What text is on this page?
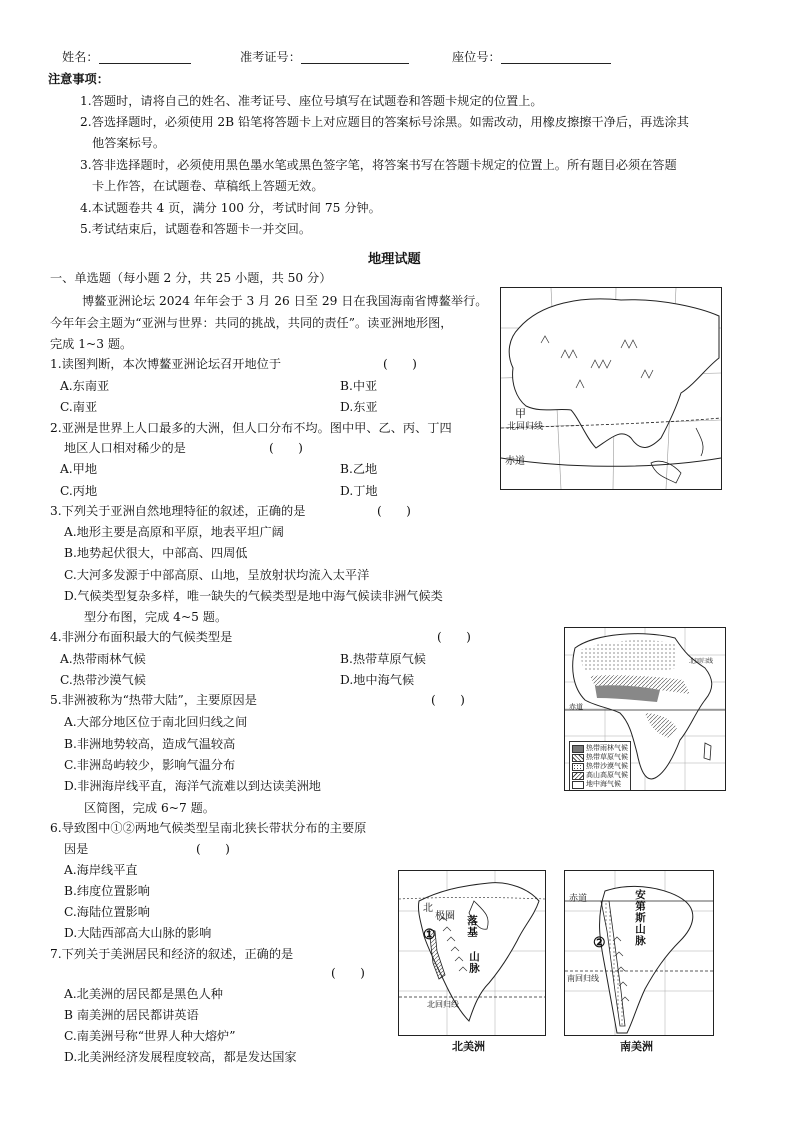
姓名：	准考证号：	座位号：
注意事项：
1.答题时，请将自己的姓名、准考证号、座位号填写在试题卷和答题卡规定的位置上。
2.答选择题时，必须使用 2B 铅笔将答题卡上对应题目的答案标号涂黑。如需改动，用橡皮擦擦干净后，再选涂其
他答案标号。
3.答非选择题时，必须使用黑色墨水笔或黑色签字笔，将答案书写在答题卡规定的位置上。所有题目必须在答题
卡上作答，在试题卷、草稿纸上答题无效。
4.本试题卷共 4 页，满分 100 分，考试时间 75 分钟。
5.考试结束后，试题卷和答题卡一并交回。
地理试题
一、单选题（每小题 2 分，共 25 小题，共 50 分）
博鳌亚洲论坛 2024 年年会于 3 月 26 日至 29 日在我国海南省博鳌举行。
今年年会主题为“亚洲与世界：共同的挑战，共同的责任”。读亚洲地形图，
完成 1~3 题。
1.读图判断，本次博鳌亚洲论坛召开地位于	(　　)
A.东南亚	B.中亚
C.南亚	D.东亚
2.亚洲是世界上人口最多的大洲，但人口分布不均。图中甲、乙、丙、丁四
地区人口相对稀少的是	(　　)
A.甲地	B.乙地
C.丙地	D.丁地
3.下列关于亚洲自然地理特征的叙述，正确的是	(　　)
A.地形主要是高原和平原，地表平坦广阔
B.地势起伏很大，中部高、四周低
C.大河多发源于中部高原、山地，呈放射状均流入太平洋
D.气候类型复杂多样，唯一缺失的气候类型是地中海气候读非洲气候类
型分布图，完成 4~5 题。
4.非洲分布面积最大的气候类型是	(　　)
A.热带雨林气候	B.热带草原气候
C.热带沙漠气候	D.地中海气候
5.非洲被称为“热带大陆”，主要原因是	(　　)
A.大部分地区位于南北回归线之间
B.非洲地势较高，造成气温较高
C.非洲岛屿较少，影响气温分布
D.非洲海岸线平直，海洋气流难以到达读美洲地
区简图，完成 6~7 题。
6.导致图中①②两地气候类型呈南北狭长带状分布的主要原
因是	(　　)
A.海岸线平直
B.纬度位置影响
C.海陆位置影响
D.大陆西部高大山脉的影响
7.下列关于美洲居民和经济的叙述，正确的是
(　　)
A.北美洲的居民都是黑色人种
B 南美洲的居民都讲英语
C.南美洲号称“世界人种大熔炉”
D.北美洲经济发展程度较高，都是发达国家
甲
北回归线
赤道
赤道
北回归线
热带雨林气候
热带草原气候
热带沙漠气候
高山高原气候
地中海气候
①
北
极圈 落基
山脉
北回归线
北美洲
赤道
②	安第斯山脉
南回归线
南美洲
